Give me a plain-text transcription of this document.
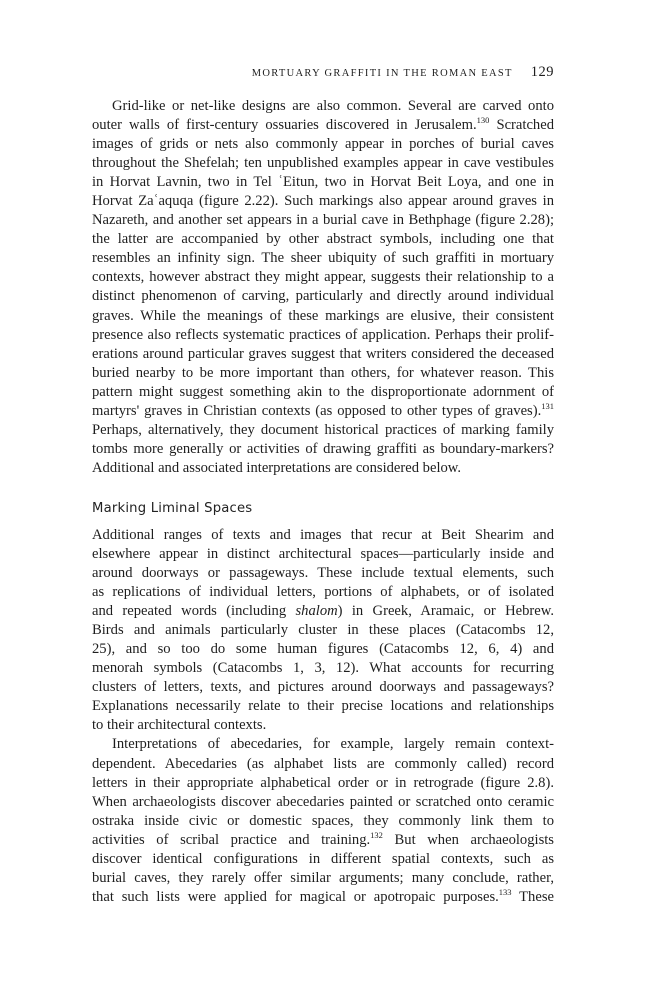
MORTUARY GRAFFITI IN THE ROMAN EAST 129
Grid-like or net-like designs are also common. Several are carved onto
outer walls of first-century ossuaries discovered in Jerusalem.$^{130}$ Scratched
images of grids or nets also commonly appear in porches of burial caves
throughout the Shefelah; ten unpublished examples appear in cave vestibules
in Horvat Lavnin, two in Tel ʿEitun, two in Horvat Beit Loya, and one in
Horvat Zaʿaquqa (figure 2.22). Such markings also appear around graves in
Nazareth, and another set appears in a burial cave in Bethphage (figure 2.28);
the latter are accompanied by other abstract symbols, including one that
resembles an infinity sign. The sheer ubiquity of such graffiti in mortuary
contexts, however abstract they might appear, suggests their relationship to a
distinct phenomenon of carving, particularly and directly around individual
graves. While the meanings of these markings are elusive, their consistent
presence also reflects systematic practices of application. Perhaps their prolif-
erations around particular graves suggest that writers considered the deceased
buried nearby to be more important than others, for whatever reason. This
pattern might suggest something akin to the disproportionate adornment of
martyrs' graves in Christian contexts (as opposed to other types of graves).$^{131}$
Perhaps, alternatively, they document historical practices of marking family
tombs more generally or activities of drawing graffiti as boundary-markers?
Additional and associated interpretations are considered below.
Marking Liminal Spaces
Additional ranges of texts and images that recur at Beit Shearim and
elsewhere appear in distinct architectural spaces—particularly inside and
around doorways or passageways. These include textual elements, such
as replications of individual letters, portions of alphabets, or of isolated
and repeated words (including shalom) in Greek, Aramaic, or Hebrew.
Birds and animals particularly cluster in these places (Catacombs 12,
25), and so too do some human figures (Catacombs 12, 6, 4) and
menorah symbols (Catacombs 1, 3, 12). What accounts for recurring
clusters of letters, texts, and pictures around doorways and passageways?
Explanations necessarily relate to their precise locations and relationships
to their architectural contexts.
Interpretations of abecedaries, for example, largely remain context-
dependent. Abecedaries (as alphabet lists are commonly called) record
letters in their appropriate alphabetical order or in retrograde (figure 2.8).
When archaeologists discover abecedaries painted or scratched onto ceramic
ostraka inside civic or domestic spaces, they commonly link them to
activities of scribal practice and training.$^{132}$ But when archaeologists
discover identical configurations in different spatial contexts, such as
burial caves, they rarely offer similar arguments; many conclude, rather,
that such lists were applied for magical or apotropaic purposes.$^{133}$ These
